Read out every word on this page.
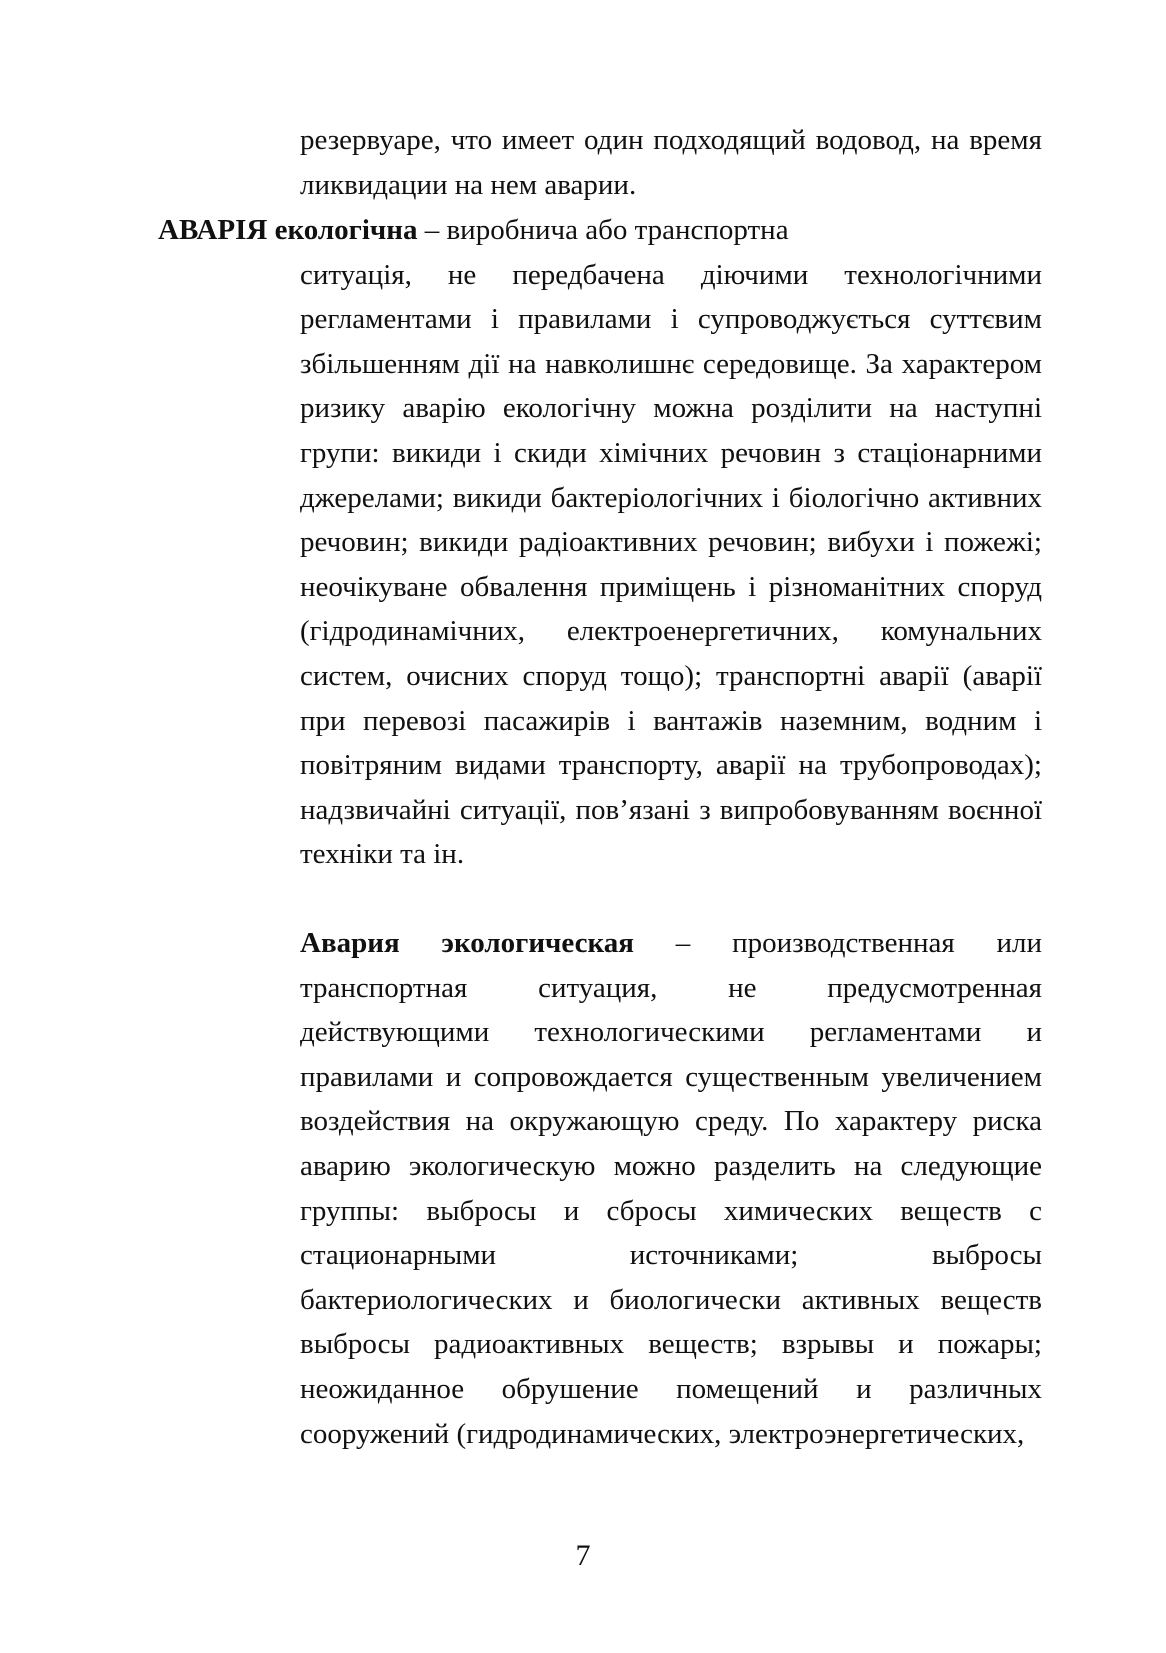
резервуаре, что имеет один подходящий водовод, на время ликвидации на нем аварии.

АВАРІЯ екологічна – виробнича або транспортна
ситуація, не передбачена діючими технологічними регламентами і правилами і супроводжується суттєвим збільшенням дії на навколишнє середовище. За характером ризику аварію екологічну можна розділити на наступні групи: викиди і скиди хімічних речовин з стаціонарними джерелами; викиди бактеріологічних і біологічно активних речовин; викиди радіоактивних речовин; вибухи і пожежі; неочікуване обвалення приміщень і різноманітних споруд (гідродинамічних, електроенергетичних, комунальних систем, очисних споруд тощо); транспортні аварії (аварії при перевозі пасажирів і вантажів наземним, водним і повітряним видами транспорту, аварії на трубопроводах); надзвичайні ситуації, пов’язані з випробовуванням воєнної техніки та ін.

Авария экологическая – производственная или транспортная ситуация, не предусмотренная действующими технологическими регламентами и правилами и сопровождается существенным увеличением воздействия на окружающую среду. По характеру риска аварию экологическую можно разделить на следующие группы: выбросы и сбросы химических веществ с стационарными источниками; выбросы бактериологических и биологически активных веществ выбросы радиоактивных веществ; взрывы и пожары; неожиданное обрушение помещений и различных сооружений (гидродинамических, электроэнергетических,

7
